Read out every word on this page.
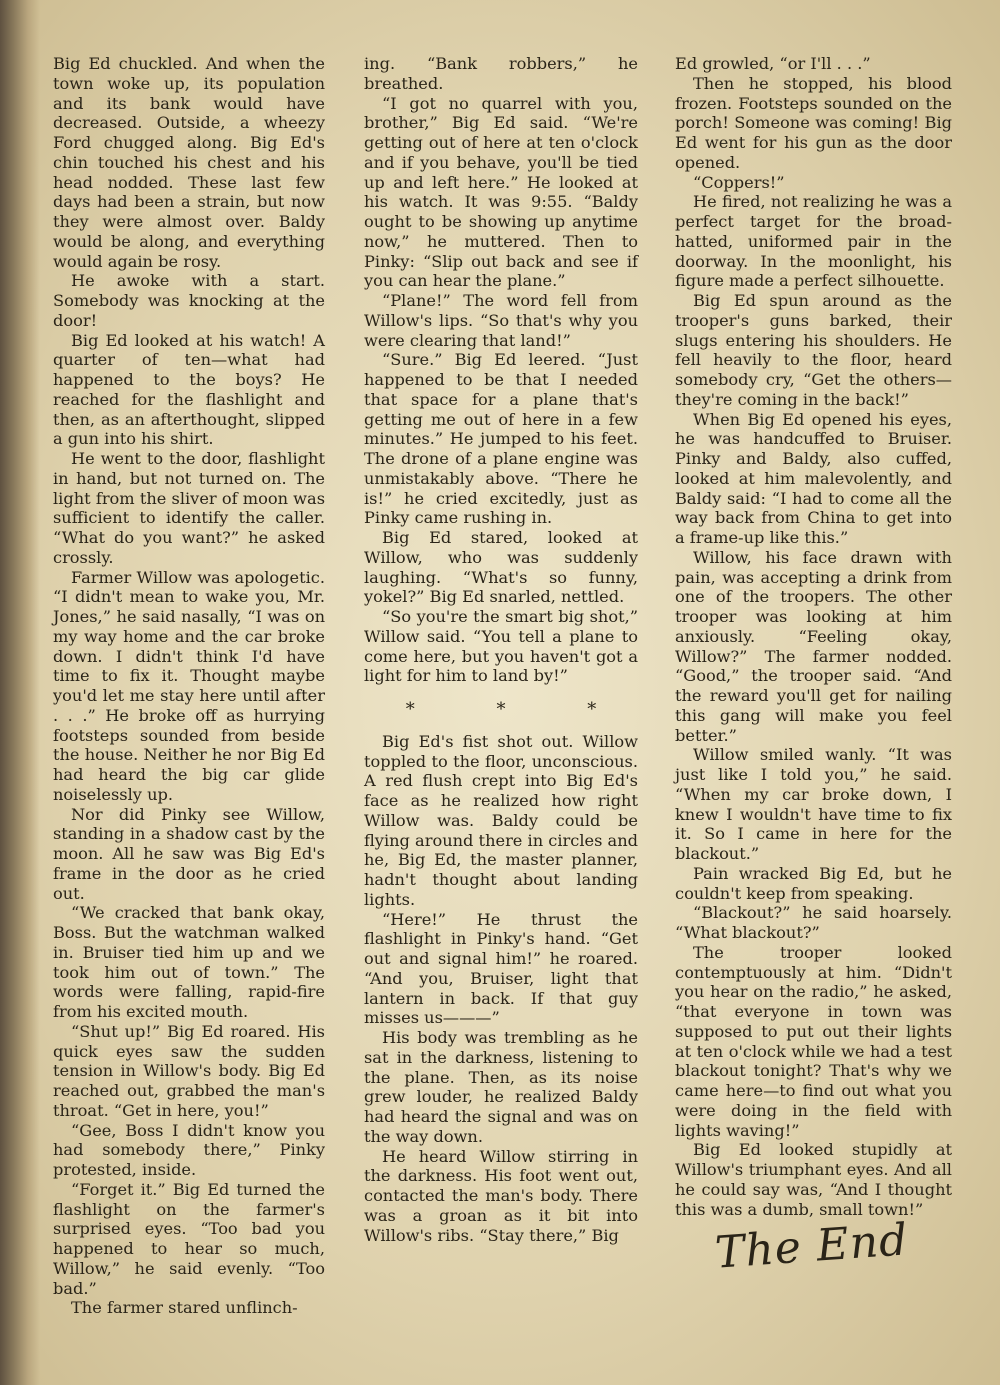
Big Ed chuckled. And when the town woke up, its population and its bank would have decreased. Outside, a wheezy Ford chugged along. Big Ed's chin touched his chest and his head nodded. These last few days had been a strain, but now they were almost over. Baldy would be along, and everything would again be rosy.

He awoke with a start. Somebody was knocking at the door!

Big Ed looked at his watch! A quarter of ten—what had happened to the boys? He reached for the flashlight and then, as an afterthought, slipped a gun into his shirt.

He went to the door, flashlight in hand, but not turned on. The light from the sliver of moon was sufficient to identify the caller. “What do you want?” he asked crossly.

Farmer Willow was apologetic. “I didn't mean to wake you, Mr. Jones,” he said nasally, “I was on my way home and the car broke down. I didn't think I'd have time to fix it. Thought maybe you'd let me stay here until after . . .” He broke off as hurrying footsteps sounded from beside the house. Neither he nor Big Ed had heard the big car glide noiselessly up.

Nor did Pinky see Willow, standing in a shadow cast by the moon. All he saw was Big Ed's frame in the door as he cried out.

“We cracked that bank okay, Boss. But the watchman walked in. Bruiser tied him up and we took him out of town.” The words were falling, rapid-fire from his excited mouth.

“Shut up!” Big Ed roared. His quick eyes saw the sudden tension in Willow's body. Big Ed reached out, grabbed the man's throat. “Get in here, you!”

“Gee, Boss I didn't know you had somebody there,” Pinky protested, inside.

“Forget it.” Big Ed turned the flashlight on the farmer's surprised eyes. “Too bad you happened to hear so much, Willow,” he said evenly. “Too bad.”

The farmer stared unflinch-

ing. “Bank robbers,” he breathed.

“I got no quarrel with you, brother,” Big Ed said. “We're getting out of here at ten o'clock and if you behave, you'll be tied up and left here.” He looked at his watch. It was 9:55. “Baldy ought to be showing up anytime now,” he muttered. Then to Pinky: “Slip out back and see if you can hear the plane.”

“Plane!” The word fell from Willow's lips. “So that's why you were clearing that land!”

“Sure.” Big Ed leered. “Just happened to be that I needed that space for a plane that's getting me out of here in a few minutes.” He jumped to his feet. The drone of a plane engine was unmistakably above. “There he is!” he cried excitedly, just as Pinky came rushing in.

Big Ed stared, looked at Willow, who was suddenly laughing. “What's so funny, yokel?” Big Ed snarled, nettled.

“So you're the smart big shot,” Willow said. “You tell a plane to come here, but you haven't got a light for him to land by!”

* * *

Big Ed's fist shot out. Willow toppled to the floor, unconscious. A red flush crept into Big Ed's face as he realized how right Willow was. Baldy could be flying around there in circles and he, Big Ed, the master planner, hadn't thought about landing lights.

“Here!” He thrust the flashlight in Pinky's hand. “Get out and signal him!” he roared. “And you, Bruiser, light that lantern in back. If that guy misses us———”

His body was trembling as he sat in the darkness, listening to the plane. Then, as its noise grew louder, he realized Baldy had heard the signal and was on the way down.

He heard Willow stirring in the darkness. His foot went out, contacted the man's body. There was a groan as it bit into Willow's ribs. “Stay there,” Big

Ed growled, “or I'll . . .”

Then he stopped, his blood frozen. Footsteps sounded on the porch! Someone was coming! Big Ed went for his gun as the door opened.

“Coppers!”

He fired, not realizing he was a perfect target for the broad-hatted, uniformed pair in the doorway. In the moonlight, his figure made a perfect silhouette.

Big Ed spun around as the trooper's guns barked, their slugs entering his shoulders. He fell heavily to the floor, heard somebody cry, “Get the others—they're coming in the back!”

When Big Ed opened his eyes, he was handcuffed to Bruiser. Pinky and Baldy, also cuffed, looked at him malevolently, and Baldy said: “I had to come all the way back from China to get into a frame-up like this.”

Willow, his face drawn with pain, was accepting a drink from one of the troopers. The other trooper was looking at him anxiously. “Feeling okay, Willow?” The farmer nodded. “Good,” the trooper said. “And the reward you'll get for nailing this gang will make you feel better.”

Willow smiled wanly. “It was just like I told you,” he said. “When my car broke down, I knew I wouldn't have time to fix it. So I came in here for the blackout.”

Pain wracked Big Ed, but he couldn't keep from speaking.

“Blackout?” he said hoarsely. “What blackout?”

The trooper looked contemptuously at him. “Didn't you hear on the radio,” he asked, “that everyone in town was supposed to put out their lights at ten o'clock while we had a test blackout tonight? That's why we came here—to find out what you were doing in the field with lights waving!”

Big Ed looked stupidly at Willow's triumphant eyes. And all he could say was, “And I thought this was a dumb, small town!”

The End
